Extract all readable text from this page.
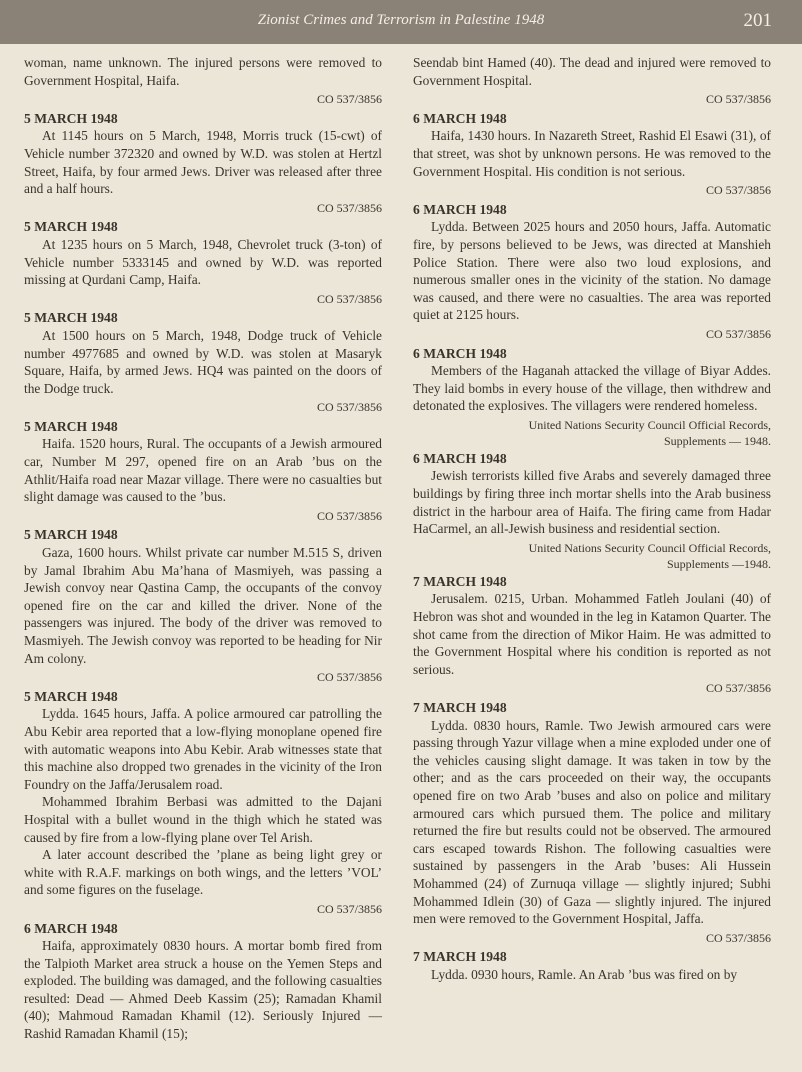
Zionist Crimes and Terrorism in Palestine 1948	201

woman, name unknown. The injured persons were removed to Government Hospital, Haifa.

CO 537/3856

5 MARCH 1948

At 1145 hours on 5 March, 1948, Morris truck (15-cwt) of Vehicle number 372320 and owned by W.D. was stolen at Hertzl Street, Haifa, by four armed Jews. Driver was released after three and a half hours.

CO 537/3856

5 MARCH 1948

At 1235 hours on 5 March, 1948, Chevrolet truck (3-ton) of Vehicle number 5333145 and owned by W.D. was reported missing at Qurdani Camp, Haifa.

CO 537/3856

5 MARCH 1948

At 1500 hours on 5 March, 1948, Dodge truck of Vehicle number 4977685 and owned by W.D. was stolen at Masaryk Square, Haifa, by armed Jews. HQ4 was painted on the doors of the Dodge truck.

CO 537/3856

5 MARCH 1948

Haifa. 1520 hours, Rural. The occupants of a Jewish armoured car, Number M 297, opened fire on an Arab ’bus on the Athlit/Haifa road near Mazar village. There were no casualties but slight damage was caused to the ’bus.

CO 537/3856

5 MARCH 1948

Gaza, 1600 hours. Whilst private car number M.515 S, driven by Jamal Ibrahim Abu Ma’hana of Masmiyeh, was passing a Jewish convoy near Qastina Camp, the occupants of the convoy opened fire on the car and killed the driver. None of the passengers was injured. The body of the driver was removed to Masmiyeh. The Jewish convoy was reported to be heading for Nir Am colony.

CO 537/3856

5 MARCH 1948

Lydda. 1645 hours, Jaffa. A police armoured car patrolling the Abu Kebir area reported that a low-flying monoplane opened fire with automatic weapons into Abu Kebir. Arab witnesses state that this machine also dropped two grenades in the vicinity of the Iron Foundry on the Jaffa/Jerusalem road.

Mohammed Ibrahim Berbasi was admitted to the Dajani Hospital with a bullet wound in the thigh which he stated was caused by fire from a low-flying plane over Tel Arish.

A later account described the ’plane as being light grey or white with R.A.F. markings on both wings, and the letters ’VOL’ and some figures on the fuselage.

CO 537/3856

6 MARCH 1948

Haifa, approximately 0830 hours. A mortar bomb fired from the Talpioth Market area struck a house on the Yemen Steps and exploded. The building was damaged, and the following casualties resulted: Dead — Ahmed Deeb Kassim (25); Ramadan Khamil (40); Mahmoud Ramadan Khamil (12). Seriously Injured — Rashid Ramadan Khamil (15);

Seendab bint Hamed (40). The dead and injured were removed to Government Hospital.

CO 537/3856

6 MARCH 1948

Haifa, 1430 hours. In Nazareth Street, Rashid El Esawi (31), of that street, was shot by unknown persons. He was removed to the Government Hospital. His condition is not serious.

CO 537/3856

6 MARCH 1948

Lydda. Between 2025 hours and 2050 hours, Jaffa. Automatic fire, by persons believed to be Jews, was directed at Manshieh Police Station. There were also two loud explosions, and numerous smaller ones in the vicinity of the station. No damage was caused, and there were no casualties. The area was reported quiet at 2125 hours.

CO 537/3856

6 MARCH 1948

Members of the Haganah attacked the village of Biyar Addes. They laid bombs in every house of the village, then withdrew and detonated the explosives. The villagers were rendered homeless.

United Nations Security Council Official Records,
Supplements — 1948.

6 MARCH 1948

Jewish terrorists killed five Arabs and severely damaged three buildings by firing three inch mortar shells into the Arab business district in the harbour area of Haifa. The firing came from Hadar HaCarmel, an all-Jewish business and residential section.

United Nations Security Council Official Records,
Supplements —1948.

7 MARCH 1948

Jerusalem. 0215, Urban. Mohammed Fatleh Joulani (40) of Hebron was shot and wounded in the leg in Katamon Quarter. The shot came from the direction of Mikor Haim. He was admitted to the Government Hospital where his condition is reported as not serious.

CO 537/3856

7 MARCH 1948

Lydda. 0830 hours, Ramle. Two Jewish armoured cars were passing through Yazur village when a mine exploded under one of the vehicles causing slight damage. It was taken in tow by the other; and as the cars proceeded on their way, the occupants opened fire on two Arab ’buses and also on police and military armoured cars which pursued them. The police and military returned the fire but results could not be observed. The armoured cars escaped towards Rishon. The following casualties were sustained by passengers in the Arab ’buses: Ali Hussein Mohammed (24) of Zurnuqa village — slightly injured; Subhi Mohammed Idlein (30) of Gaza — slightly injured. The injured men were removed to the Government Hospital, Jaffa.

CO 537/3856

7 MARCH 1948

Lydda. 0930 hours, Ramle. An Arab ’bus was fired on by
